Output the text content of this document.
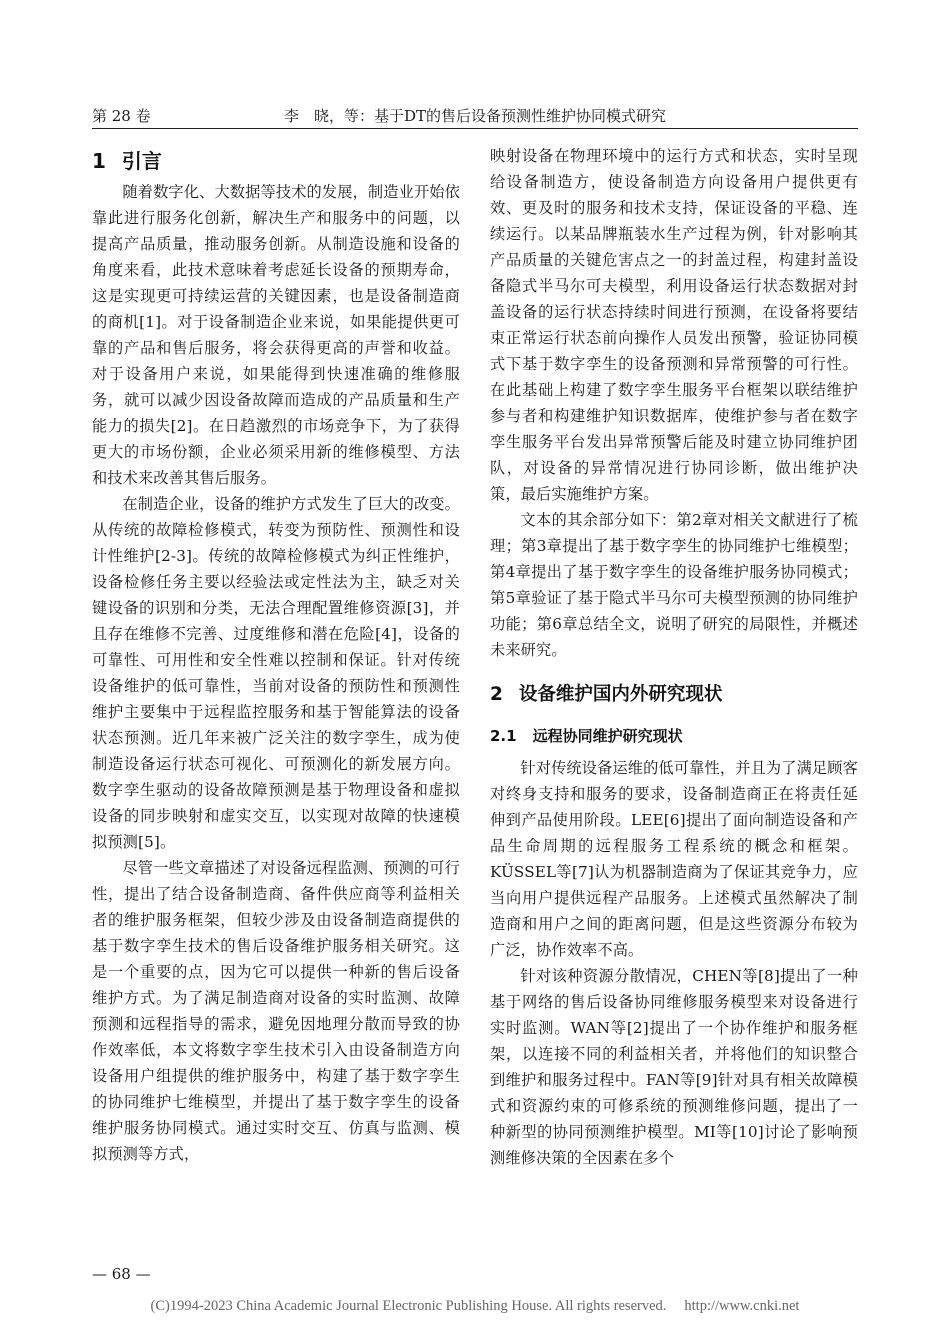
第 28 卷	李　晓，等：基于DT的售后设备预测性维护协同模式研究
1 引言

随着数字化、大数据等技术的发展，制造业开始依靠此进行服务化创新，解决生产和服务中的问题，以提高产品质量，推动服务创新。从制造设施和设备的角度来看，此技术意味着考虑延长设备的预期寿命，这是实现更可持续运营的关键因素，也是设备制造商的商机[1]。对于设备制造企业来说，如果能提供更可靠的产品和售后服务，将会获得更高的声誉和收益。对于设备用户来说，如果能得到快速准确的维修服务，就可以减少因设备故障而造成的产品质量和生产能力的损失[2]。在日趋激烈的市场竞争下，为了获得更大的市场份额，企业必须采用新的维修模型、方法和技术来改善其售后服务。

在制造企业，设备的维护方式发生了巨大的改变。从传统的故障检修模式，转变为预防性、预测性和设计性维护[2-3]。传统的故障检修模式为纠正性维护，设备检修任务主要以经验法或定性法为主，缺乏对关键设备的识别和分类，无法合理配置维修资源[3]，并且存在维修不完善、过度维修和潜在危险[4]，设备的可靠性、可用性和安全性难以控制和保证。针对传统设备维护的低可靠性，当前对设备的预防性和预测性维护主要集中于远程监控服务和基于智能算法的设备状态预测。近几年来被广泛关注的数字孪生，成为使制造设备运行状态可视化、可预测化的新发展方向。数字孪生驱动的设备故障预测是基于物理设备和虚拟设备的同步映射和虚实交互，以实现对故障的快速模拟预测[5]。

尽管一些文章描述了对设备远程监测、预测的可行性，提出了结合设备制造商、备件供应商等利益相关者的维护服务框架，但较少涉及由设备制造商提供的基于数字孪生技术的售后设备维护服务相关研究。这是一个重要的点，因为它可以提供一种新的售后设备维护方式。为了满足制造商对设备的实时监测、故障预测和远程指导的需求，避免因地理分散而导致的协作效率低，本文将数字孪生技术引入由设备制造方向设备用户组提供的维护服务中，构建了基于数字孪生的协同维护七维模型，并提出了基于数字孪生的设备维护服务协同模式。通过实时交互、仿真与监测、模拟预测等方式，

映射设备在物理环境中的运行方式和状态，实时呈现给设备制造方，使设备制造方向设备用户提供更有效、更及时的服务和技术支持，保证设备的平稳、连续运行。以某品牌瓶装水生产过程为例，针对影响其产品质量的关键危害点之一的封盖过程，构建封盖设备隐式半马尔可夫模型，利用设备运行状态数据对封盖设备的运行状态持续时间进行预测，在设备将要结束正常运行状态前向操作人员发出预警，验证协同模式下基于数字孪生的设备预测和异常预警的可行性。在此基础上构建了数字孪生服务平台框架以联结维护参与者和构建维护知识数据库，使维护参与者在数字孪生服务平台发出异常预警后能及时建立协同维护团队，对设备的异常情况进行协同诊断，做出维护决策，最后实施维护方案。

文本的其余部分如下：第2章对相关文献进行了梳理；第3章提出了基于数字孪生的协同维护七维模型；第4章提出了基于数字孪生的设备维护服务协同模式；第5章验证了基于隐式半马尔可夫模型预测的协同维护功能；第6章总结全文，说明了研究的局限性，并概述未来研究。

2 设备维护国内外研究现状
2.1 远程协同维护研究现状

针对传统设备运维的低可靠性，并且为了满足顾客对终身支持和服务的要求，设备制造商正在将责任延伸到产品使用阶段。LEE[6]提出了面向制造设备和产品生命周期的远程服务工程系统的概念和框架。KÜSSEL等[7]认为机器制造商为了保证其竞争力，应当向用户提供远程产品服务。上述模式虽然解决了制造商和用户之间的距离问题，但是这些资源分布较为广泛，协作效率不高。

针对该种资源分散情况，CHEN等[8]提出了一种基于网络的售后设备协同维修服务模型来对设备进行实时监测。WAN等[2]提出了一个协作维护和服务框架，以连接不同的利益相关者，并将他们的知识整合到维护和服务过程中。FAN等[9]针对具有相关故障模式和资源约束的可修系统的预测维修问题，提出了一种新型的协同预测维护模型。MI等[10]讨论了影响预测维修决策的全因素在多个

— 68 —
(C)1994-2023 China Academic Journal Electronic Publishing House. All rights reserved. http://www.cnki.net
